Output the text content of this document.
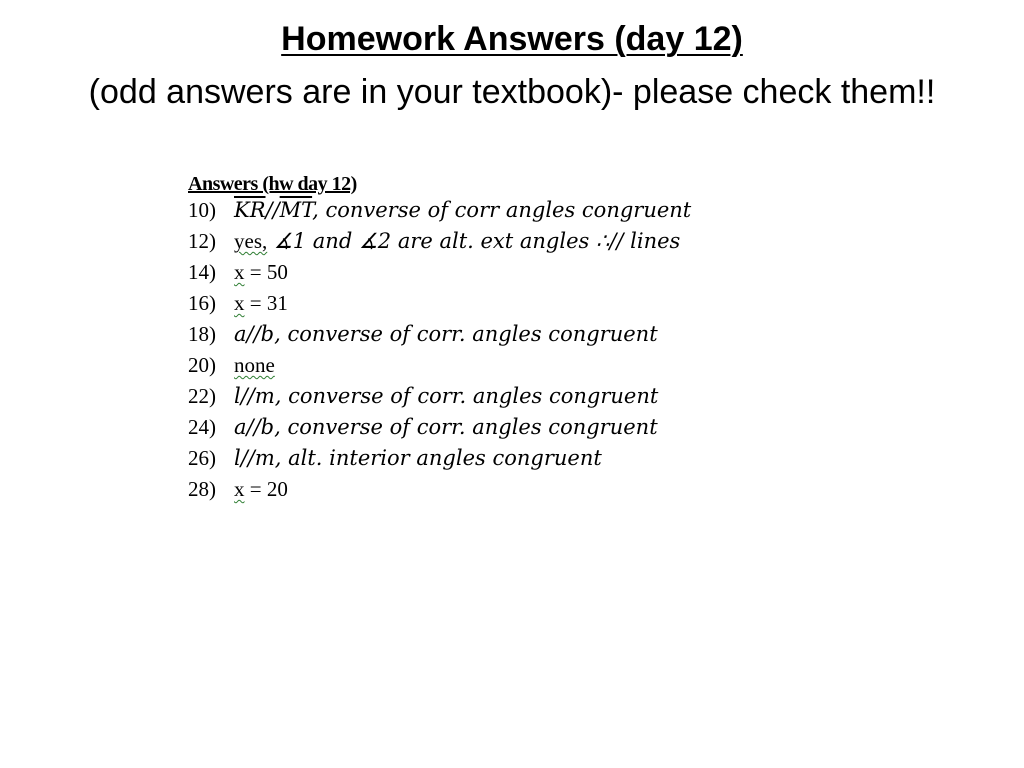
Homework Answers (day 12)
(odd answers are in your textbook)- please check them!!
Answers (hw day 12)
10) $\overline{KR}//\overline{MT}$, converse of corr angles congruent
12) yes, ∡1 and ∡2 are alt. ext angles ∴// lines
14) x = 50
16) x = 31
18) a//b, converse of corr. angles congruent
20) none
22) l//m, converse of corr. angles congruent
24) a//b, converse of corr. angles congruent
26) l//m, alt. interior angles congruent
28) x = 20
